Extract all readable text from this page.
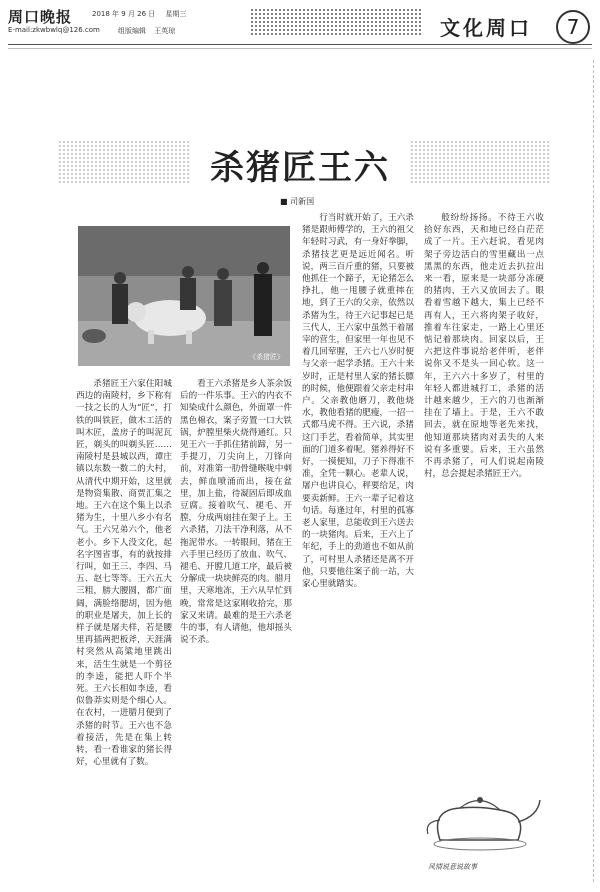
周口晚报
E-mail:zkwbwlq@126.com
2018 年 9 月 26 日 星期三
组版编辑 王英琼	文化周口	7
杀猪匠王六
■ 司新国
《杀猪匠》

杀猪匠王六家住阳城西边的南陵村，乡下称有一技之长的人为“匠”，打铁的叫铁匠，做木工活的叫木匠，盖房子的叫泥瓦匠，剃头的叫剃头匠……南陵村是县城以西，谭庄镇以东数一数二的大村，从清代中期开始，这里就是物资集散、商贾汇集之地。王六在这个集上以杀猪为生，十里八乡小有名气。王六兄弟六个，他老老小。乡下人没文化，起名字图省事，有的就按排行叫，如王三、李四、马五、赵七等等。王六五大三粗，膀大腰圆，都广面阔，满脸络腮胡，因为他的职业是屠夫，加上长的样子就是屠夫样，若是腰里再插两把板斧，天涯满村突然从高粱地里跳出来，活生生就是一个剪径的李逵，能把人吓个半死。王六长相如李逵，看似鲁莽实则是个细心人。在农村，一进腊月便到了杀猪的时节。王六也不急着接活，先是在集上转转，看一看谁家的猪长得好，心里就有了数。

看王六杀猪是乡人茶余饭后的一件乐事。王六的内衣不知染成什么颜色，外面罩一件黑色棉衣，案子旁置一口大铁锅，炉膛里柴火烧得通红。只见王六一手抓住猪前蹄，另一手提刀，刀尖向上，刀锋向前，对准第一肋骨缝喉咙中刺去，鲜血喷涌而出，接在盆里，加上盐，待凝固后即成血豆腐。接着吹气、褪毛、开膛，分成两扇挂在架子上。王六杀猪，刀法干净利落，从不拖泥带水。一转眼间，猪在王六手里已经历了放血、吹气、褪毛、开膛几道工序，最后被分解成一块块鲜亮的肉。腊月里，天寒地冻，王六从早忙到晚，常常是这家刚收拾完，那家又来请。最难的是王六杀老牛的事，有人请他，他却摇头说不杀。

行当时就开始了，王六杀猪是跟师傅学的，王六的祖父年轻时习武，有一身好拳脚，杀猪技艺更是远近闻名。听说，两三百斤重的猪，只要被他抓住一个蹄子，无论猪怎么挣扎，他一甩腰子就重摔在地，到了王六的父亲，依然以杀猪为生，待王六记事起已是三代人，王六家中虽然干着屠宰的营生，但家里一年也见不着几回荤腥，王六七八岁时便与父亲一起学杀猪。王六十来岁时，正是村里人家的猪长膘的时候，他便跟着父亲走村串户。父亲教他磨刀，教他烧水，教他看猪的肥瘦，一招一式都马虎不得。王六说，杀猪这门手艺，看着简单，其实里面的门道多着呢。猪养得好不好，一摸便知，刀子下得准不准，全凭一颗心。老辈人说，屠户也讲良心，秤要给足，肉要卖新鲜。王六一辈子记着这句话。每逢过年，村里的孤寡老人家里，总能收到王六送去的一块猪肉。后来，王六上了年纪，手上的劲道也不如从前了，可村里人杀猪还是离不开他，只要他往案子前一站，大家心里就踏实。

般纷纷扬扬。不待王六收拾好东西，天和地已经白茫茫成了一片。王六赶说，看见肉架子旁边活白的雪里藏出一点黑黑的东西，他走近去扒拉出来一看，原来是一块部分冻硬的猪肉，王六又放回去了。眼看着雪越下越大，集上已经不再有人，王六将肉架子收好，推着车往家走，一路上心里还惦记着那块肉。回家以后，王六把这件事说给老伴听，老伴说你又不是头一回心软。这一年，王六六十多岁了，村里的年轻人都进城打工，杀猪的活计越来越少，王六的刀也渐渐挂在了墙上。于是，王六不敢回去，就在原地等老先来找，他知道那块猪肉对丢失的人来说有多重要。后来，王六虽然不再杀猪了，可人们说起南陵村，总会提起杀猪匠王六。

风情说意说故事
